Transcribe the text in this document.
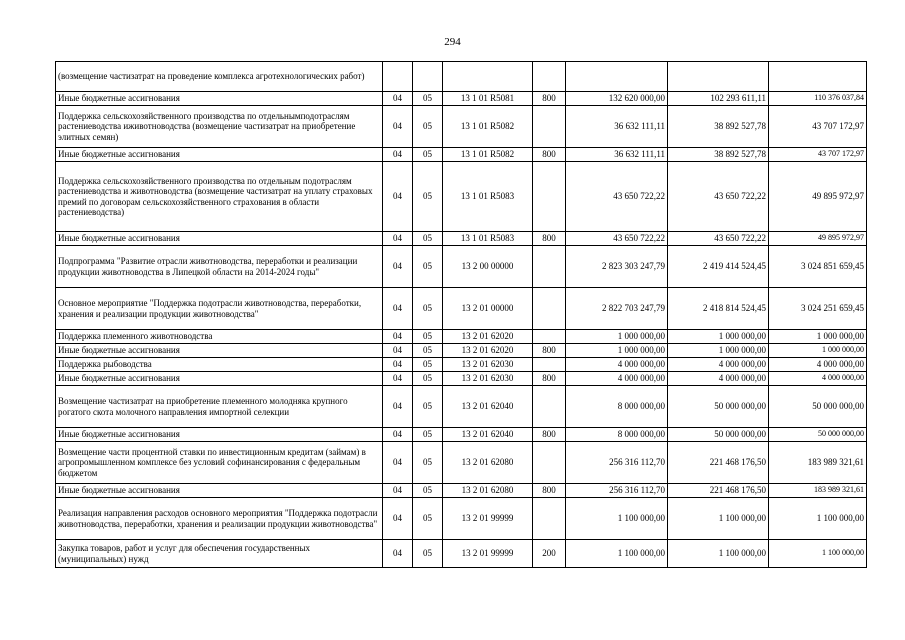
294
(возмещение частизатрат на проведение комплекса агротехнологических работ)							
Иные бюджетные ассигнования	04	05	13 1 01 R5081	800	132 620 000,00	102 293 611,11	110 376 037,84
Поддержка сельскохозяйственного производства по отдельнымподотраслям растениеводства иживотноводства (возмещение частизатрат на приобретение элитных семян)	04	05	13 1 01 R5082		36 632 111,11	38 892 527,78	43 707 172,97
Иные бюджетные ассигнования	04	05	13 1 01 R5082	800	36 632 111,11	38 892 527,78	43 707 172,97
Поддержка сельскохозяйственного производства по отдельным подотраслям растениеводства и животноводства (возмещение частизатрат на уплату страховых премий по договорам сельскохозяйственного страхования в области растениеводства)	04	05	13 1 01 R5083		43 650 722,22	43 650 722,22	49 895 972,97
Иные бюджетные ассигнования	04	05	13 1 01 R5083	800	43 650 722,22	43 650 722,22	49 895 972,97
Подпрограмма "Развитие отрасли животноводства, переработки и реализации продукции животноводства в Липецкой области на 2014-2024 годы"	04	05	13 2 00 00000		2 823 303 247,79	2 419 414 524,45	3 024 851 659,45
Основное мероприятие "Поддержка подотрасли животноводства, переработки, хранения и реализации продукции животноводства"	04	05	13 2 01 00000		2 822 703 247,79	2 418 814 524,45	3 024 251 659,45
Поддержка племенного животноводства	04	05	13 2 01 62020		1 000 000,00	1 000 000,00	1 000 000,00
Иные бюджетные ассигнования	04	05	13 2 01 62020	800	1 000 000,00	1 000 000,00	1 000 000,00
Поддержка рыбоводства	04	05	13 2 01 62030		4 000 000,00	4 000 000,00	4 000 000,00
Иные бюджетные ассигнования	04	05	13 2 01 62030	800	4 000 000,00	4 000 000,00	4 000 000,00
Возмещение частизатрат на приобретение племенного молодняка крупного рогатого скота молочного направления импортной селекции	04	05	13 2 01 62040		8 000 000,00	50 000 000,00	50 000 000,00
Иные бюджетные ассигнования	04	05	13 2 01 62040	800	8 000 000,00	50 000 000,00	50 000 000,00
Возмещение части процентной ставки по инвестиционным кредитам (займам) в агропромышленном комплексе без условий софинансирования с федеральным бюджетом	04	05	13 2 01 62080		256 316 112,70	221 468 176,50	183 989 321,61
Иные бюджетные ассигнования	04	05	13 2 01 62080	800	256 316 112,70	221 468 176,50	183 989 321,61
Реализация направления расходов основного мероприятия "Поддержка подотрасли животноводства, переработки, хранения и реализации продукции животноводства"	04	05	13 2 01 99999		1 100 000,00	1 100 000,00	1 100 000,00
Закупка товаров, работ и услуг для обеспечения государственных (муниципальных) нужд	04	05	13 2 01 99999	200	1 100 000,00	1 100 000,00	1 100 000,00
